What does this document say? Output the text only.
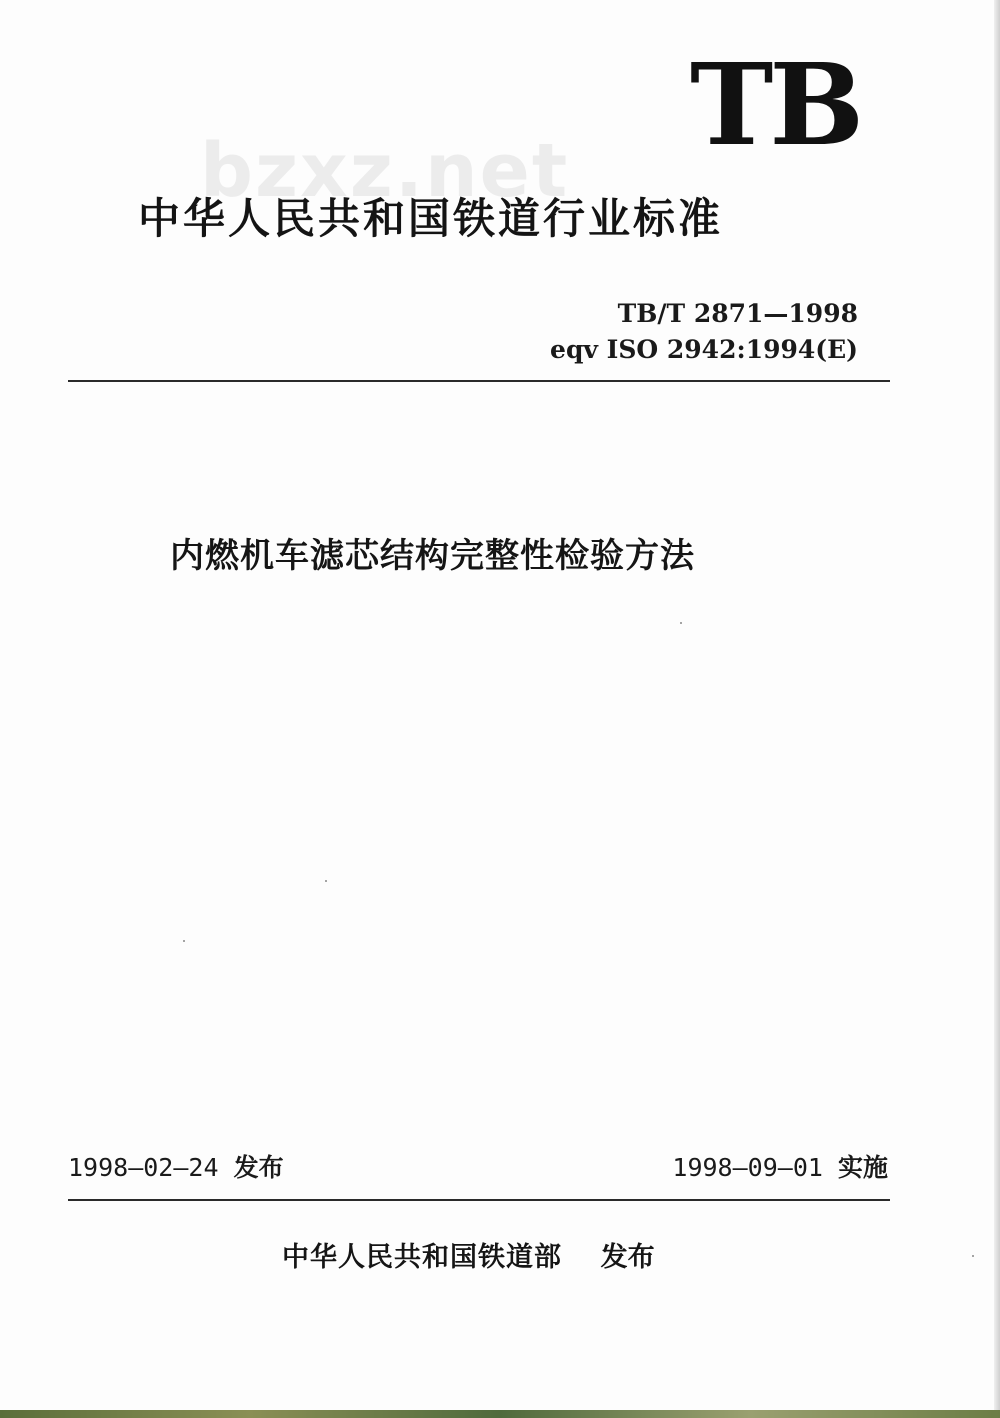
bzxz.net TB
中华人民共和国铁道行业标准
TB/T 2871—1998
eqv ISO 2942:1994(E)
内燃机车滤芯结构完整性检验方法
1998—02—24 发布	1998—09—01 实施
中华人民共和国铁道部 发布
